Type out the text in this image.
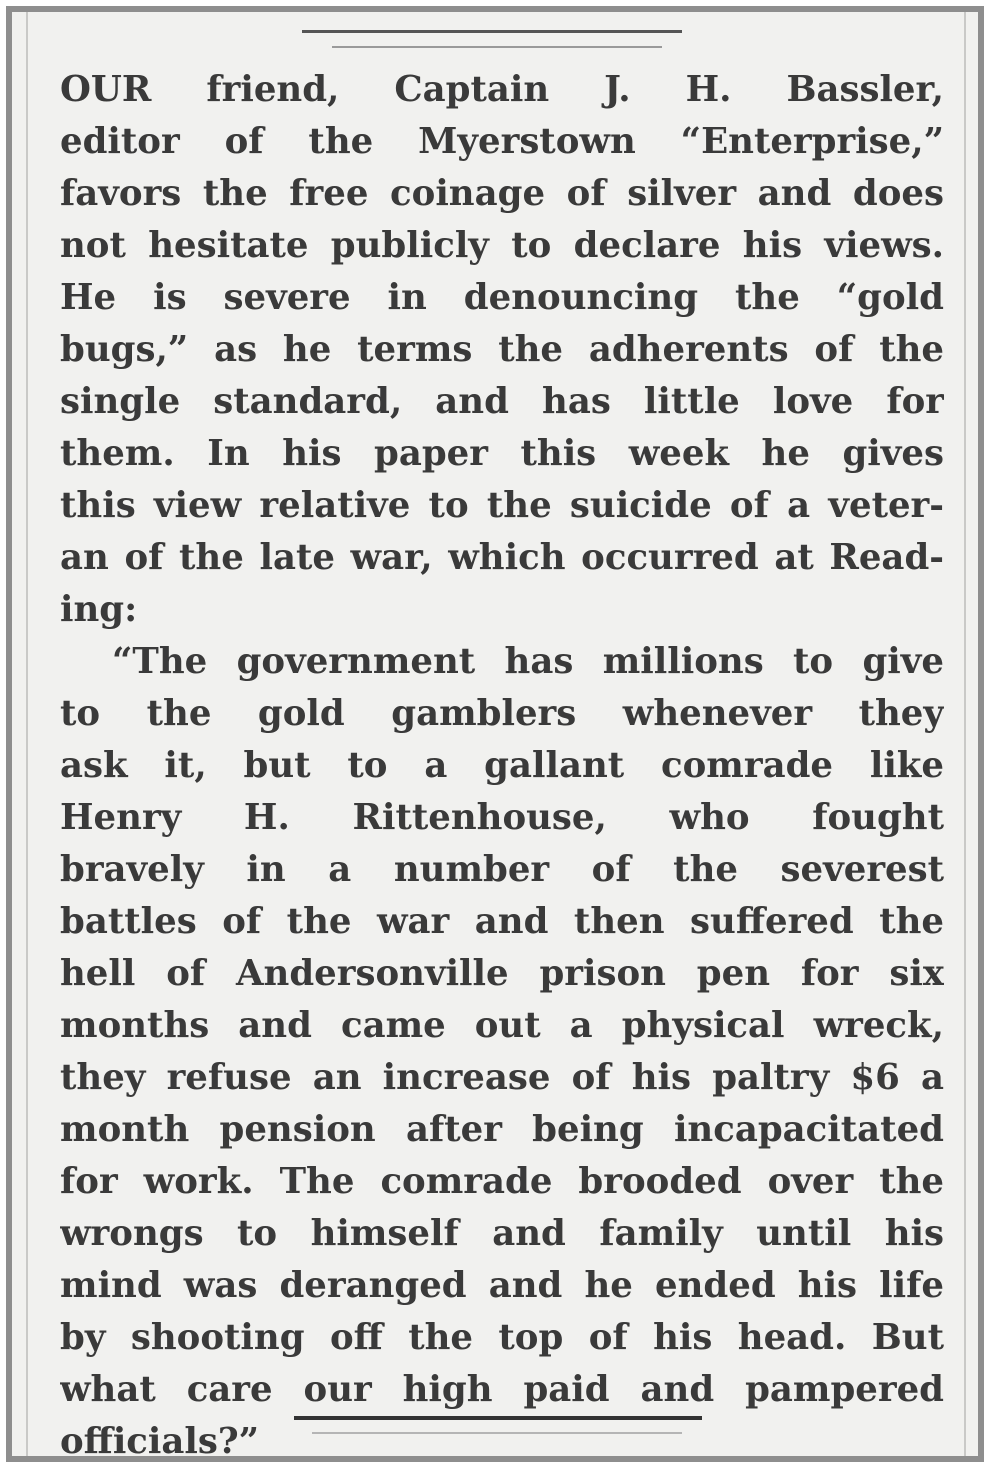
OUR friend, Captain J. H. Bassler,
editor of the Myerstown “Enterprise,”
favors the free coinage of silver and does
not hesitate publicly to declare his views.
He is severe in denouncing the “gold
bugs,” as he terms the adherents of the
single standard, and has little love for
them. In his paper this week he gives
this view relative to the suicide of a veter-
an of the late war, which occurred at Read-
ing:
“The government has millions to give
to the gold gamblers whenever they
ask it, but to a gallant comrade like
Henry H. Rittenhouse, who fought
bravely in a number of the severest
battles of the war and then suffered the
hell of Andersonville prison pen for six
months and came out a physical wreck,
they refuse an increase of his paltry $6 a
month pension after being incapacitated
for work. The comrade brooded over the
wrongs to himself and family until his
mind was deranged and he ended his life
by shooting off the top of his head. But
what care our high paid and pampered
officials?”
